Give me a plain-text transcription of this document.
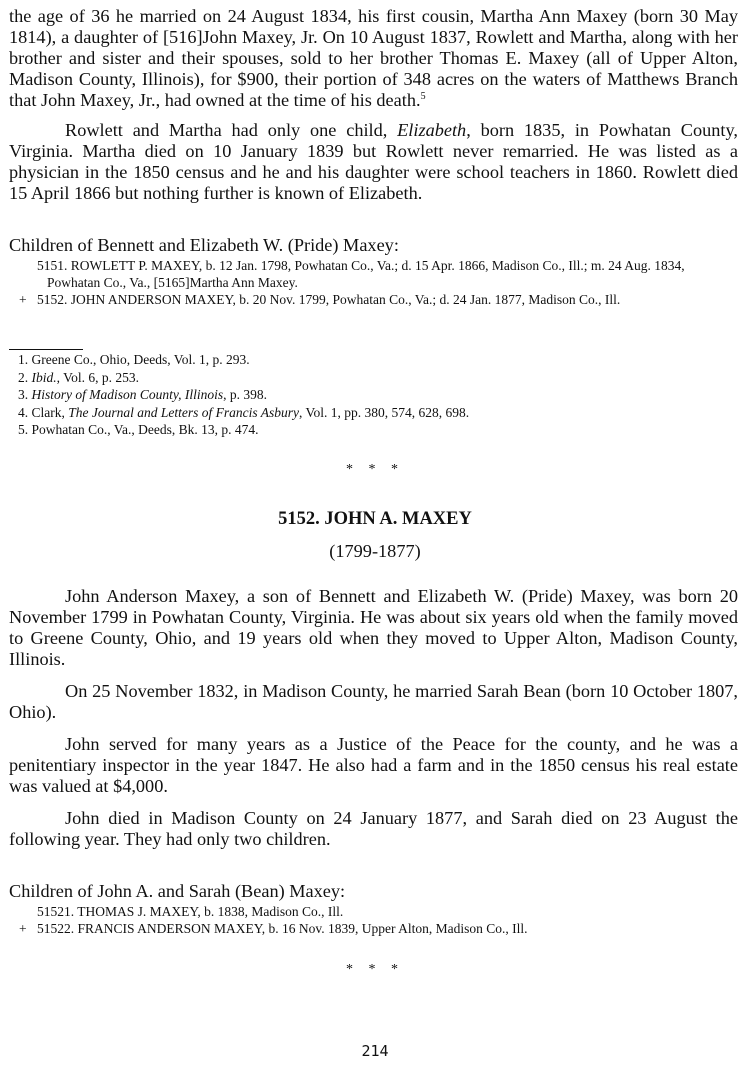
the age of 36 he married on 24 August 1834, his first cousin, Martha Ann Maxey (born 30 May 1814), a daughter of [516]John Maxey, Jr. On 10 August 1837, Rowlett and Martha, along with her brother and sister and their spouses, sold to her brother Thomas E. Maxey (all of Upper Alton, Madison County, Illinois), for $900, their portion of 348 acres on the waters of Matthews Branch that John Maxey, Jr., had owned at the time of his death.$^5$

Rowlett and Martha had only one child, Elizabeth, born 1835, in Powhatan County, Virginia. Martha died on 10 January 1839 but Rowlett never remarried. He was listed as a physician in the 1850 census and he and his daughter were school teachers in 1860. Rowlett died 15 April 1866 but nothing further is known of Elizabeth.

Children of Bennett and Elizabeth W. (Pride) Maxey:

5151. ROWLETT P. MAXEY, b. 12 Jan. 1798, Powhatan Co., Va.; d. 15 Apr. 1866, Madison Co., Ill.; m. 24 Aug. 1834, Powhatan Co., Va., [5165]Martha Ann Maxey.
+ 5152. JOHN ANDERSON MAXEY, b. 20 Nov. 1799, Powhatan Co., Va.; d. 24 Jan. 1877, Madison Co., Ill.
1. Greene Co., Ohio, Deeds, Vol. 1, p. 293.
2. Ibid., Vol. 6, p. 253.
3. History of Madison County, Illinois, p. 398.
4. Clark, The Journal and Letters of Francis Asbury, Vol. 1, pp. 380, 574, 628, 698.
5. Powhatan Co., Va., Deeds, Bk. 13, p. 474.
* * *
5152. JOHN A. MAXEY
(1799-1877)

John Anderson Maxey, a son of Bennett and Elizabeth W. (Pride) Maxey, was born 20 November 1799 in Powhatan County, Virginia. He was about six years old when the family moved to Greene County, Ohio, and 19 years old when they moved to Upper Alton, Madison County, Illinois.

On 25 November 1832, in Madison County, he married Sarah Bean (born 10 October 1807, Ohio).

John served for many years as a Justice of the Peace for the county, and he was a penitentiary inspector in the year 1847. He also had a farm and in the 1850 census his real estate was valued at $4,000.

John died in Madison County on 24 January 1877, and Sarah died on 23 August the following year. They had only two children.

Children of John A. and Sarah (Bean) Maxey:

51521. THOMAS J. MAXEY, b. 1838, Madison Co., Ill.
+ 51522. FRANCIS ANDERSON MAXEY, b. 16 Nov. 1839, Upper Alton, Madison Co., Ill.
* * *
214
